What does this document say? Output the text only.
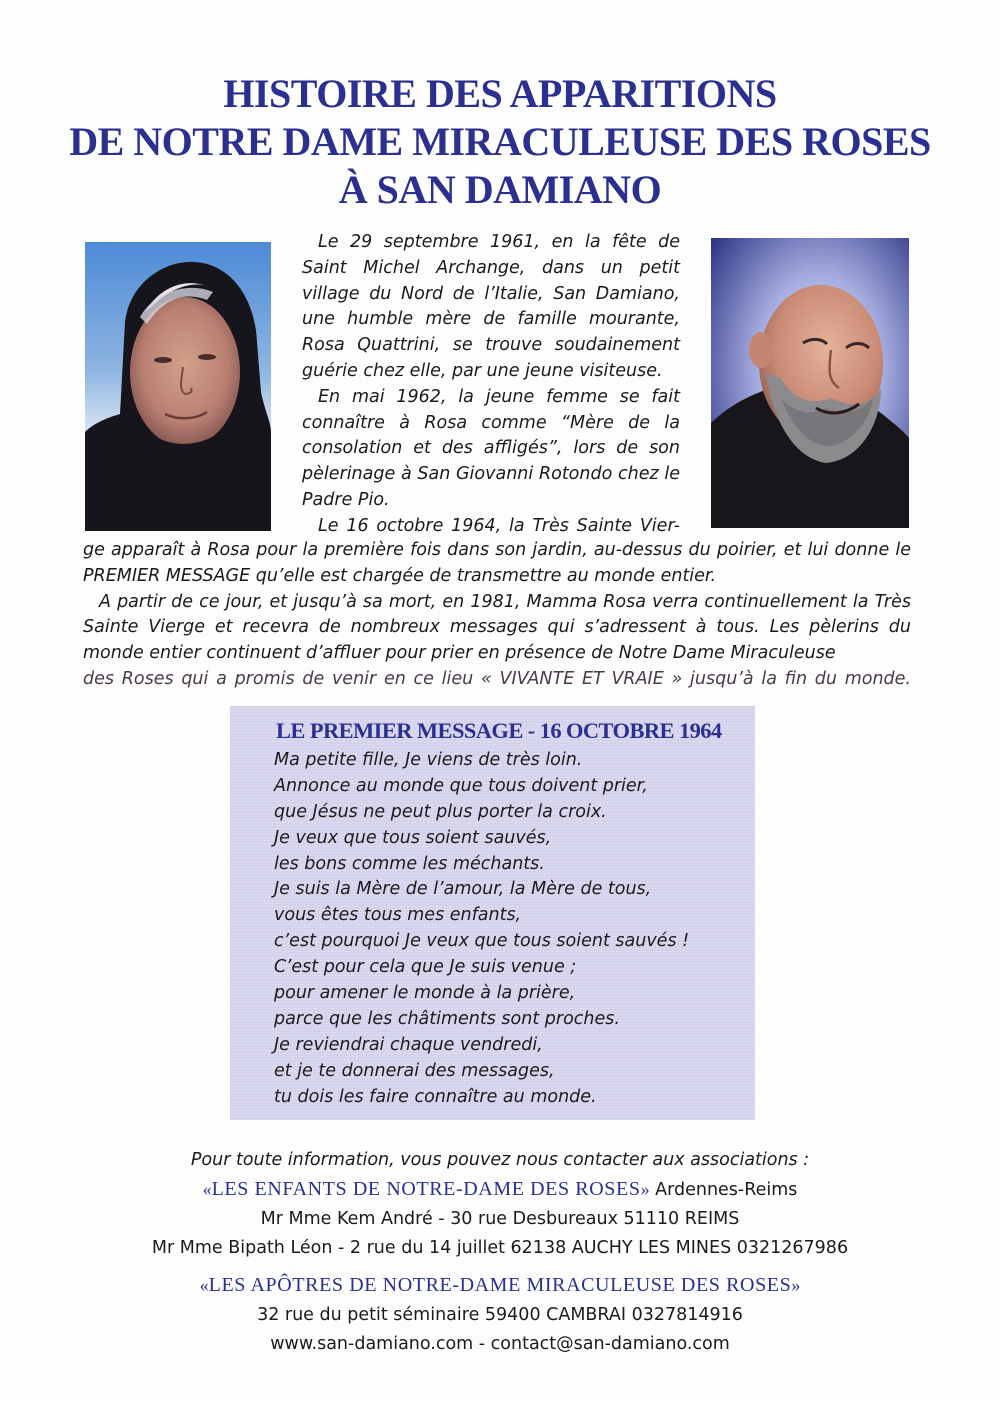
HISTOIRE DES APPARITIONS
DE NOTRE DAME MIRACULEUSE DES ROSES
À SAN DAMIANO

Le 29 septembre 1961, en la fête de Saint Michel Archange, dans un petit village du Nord de l’Italie, San Damiano, une humble mère de famille mourante, Rosa Quattrini, se trouve soudainement guérie chez elle, par une jeune visiteuse.

En mai 1962, la jeune femme se fait connaître à Rosa comme “Mère de la consolation et des affligés”, lors de son pèlerinage à San Giovanni Rotondo chez le Padre Pio.

Le 16 octobre 1964, la Très Sainte Vier-

ge apparaît à Rosa pour la première fois dans son jardin, au-dessus du poirier, et lui donne le PREMIER MESSAGE qu’elle est chargée de transmettre au monde entier.

A partir de ce jour, et jusqu’à sa mort, en 1981, Mamma Rosa verra continuellement la Très Sainte Vierge et recevra de nombreux messages qui s’adressent à tous. Les pèlerins du monde entier continuent d’affluer pour prier en présence de Notre Dame Miraculeuse

des Roses qui a promis de venir en ce lieu « VIVANTE ET VRAIE » jusqu’à la fin du monde.

LE PREMIER MESSAGE - 16 OCTOBRE 1964
Ma petite fille, Je viens de très loin.
Annonce au monde que tous doivent prier,
que Jésus ne peut plus porter la croix.
Je veux que tous soient sauvés,
les bons comme les méchants.
Je suis la Mère de l’amour, la Mère de tous,
vous êtes tous mes enfants,
c’est pourquoi Je veux que tous soient sauvés !
C’est pour cela que Je suis venue ;
pour amener le monde à la prière,
parce que les châtiments sont proches.
Je reviendrai chaque vendredi,
et je te donnerai des messages,
tu dois les faire connaître au monde.
Pour toute information, vous pouvez nous contacter aux associations :
«LES ENFANTS DE NOTRE-DAME DES ROSES» Ardennes-Reims
Mr Mme Kem André - 30 rue Desbureaux 51110 REIMS
Mr Mme Bipath Léon - 2 rue du 14 juillet 62138 AUCHY LES MINES 0321267986
«LES APÔTRES DE NOTRE-DAME MIRACULEUSE DES ROSES»
32 rue du petit séminaire 59400 CAMBRAI 0327814916
www.san-damiano.com - contact@san-damiano.com
